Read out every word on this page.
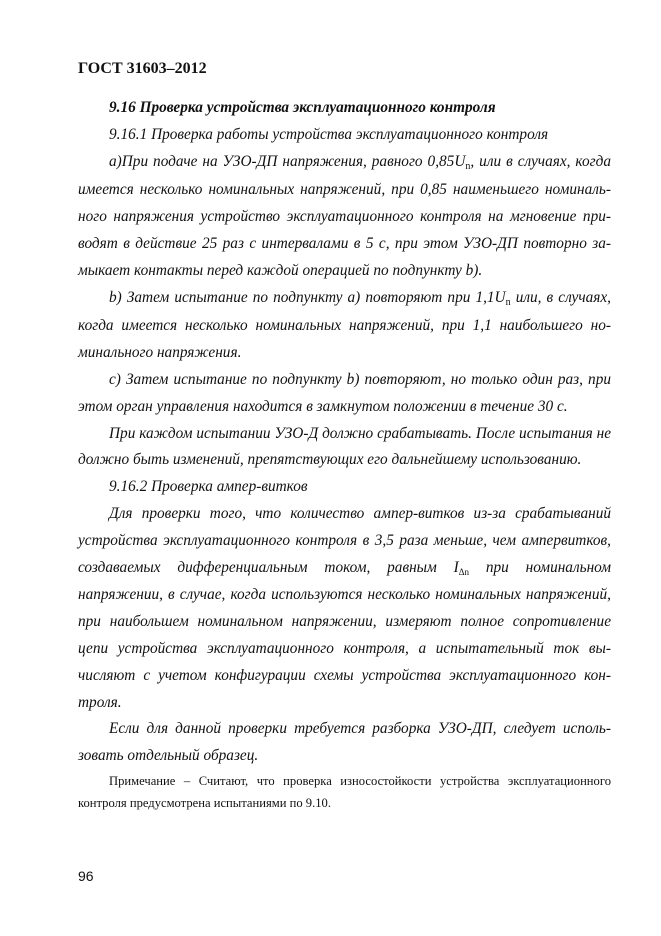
ГОСТ 31603–2012

9.16 Проверка устройства эксплуатационного контроля

9.16.1 Проверка работы устройства эксплуатационного контроля

а)При подаче на УЗО-ДП напряжения, равного 0,85Un, или в случаях, когда имеется несколько номинальных напряжений, при 0,85 наименьшего номинального напряжения устройство эксплуатационного контроля на мгновение приводят в действие 25 раз с интервалами в 5 с, при этом УЗО-ДП повторно замыкает контакты перед каждой операцией по подпункту b).

b) Затем испытание по подпункту а) повторяют при 1,1Un или, в случаях, когда имеется несколько номинальных напряжений, при 1,1 наибольшего номинального напряжения.

с) Затем испытание по подпункту b) повторяют, но только один раз, при этом орган управления находится в замкнутом положении в течение 30 с.

При каждом испытании УЗО-Д должно срабатывать. После испытания не должно быть изменений, препятствующих его дальнейшему использованию.

9.16.2 Проверка ампер-витков

Для проверки того, что количество ампер-витков из-за срабатываний устройства эксплуатационного контроля в 3,5 раза меньше, чем ампервитков, создаваемых дифференциальным током, равным IΔn при номинальном напряжении, в случае, когда используются несколько номинальных напряжений, при наибольшем номинальном напряжении, измеряют полное сопротивление цепи устройства эксплуатационного контроля, а испытательный ток вычисляют с учетом конфигурации схемы устройства эксплуатационного контроля.

Если для данной проверки требуется разборка УЗО-ДП, следует использовать отдельный образец.

Примечание – Считают, что проверка износостойкости устройства эксплуатационного контроля предусмотрена испытаниями по 9.10.

96
